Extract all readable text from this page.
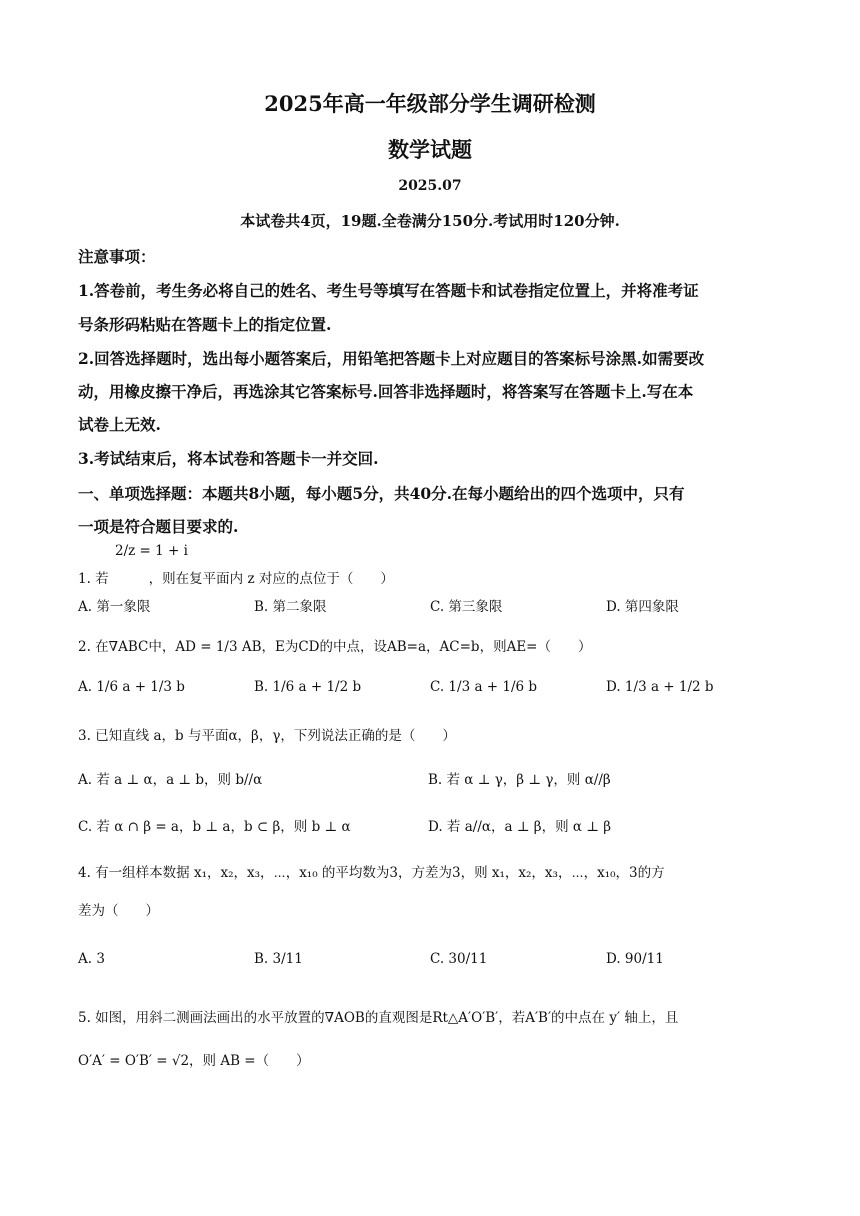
2025年高一年级部分学生调研检测
数学试题
2025.07
本试卷共4页，19题.全卷满分150分.考试用时120分钟.
注意事项：
1.答卷前，考生务必将自己的姓名、考生号等填写在答题卡和试卷指定位置上，并将准考证
号条形码粘贴在答题卡上的指定位置.
2.回答选择题时，选出每小题答案后，用铅笔把答题卡上对应题目的答案标号涂黑.如需要改
动，用橡皮擦干净后，再选涂其它答案标号.回答非选择题时，将答案写在答题卡上.写在本
试卷上无效.
3.考试结束后，将本试卷和答题卡一并交回.
一、单项选择题：本题共8小题，每小题5分，共40分.在每小题给出的四个选项中，只有
一项是符合题目要求的.
2/z = 1 + i
1. 若	，则在复平面内 z 对应的点位于（　　）
A. 第一象限	B. 第二象限	C. 第三象限	D. 第四象限
2. 在∇ABC中，AD = 1/3 AB，E为CD的中点，设AB=a，AC=b，则AE=（　　）
A. 1/6 a + 1/3 b	B. 1/6 a + 1/2 b	C. 1/3 a + 1/6 b	D. 1/3 a + 1/2 b
3. 已知直线 a，b 与平面α，β，γ，下列说法正确的是（　　）
A. 若 a ⊥ α，a ⊥ b，则 b//α	B. 若 α ⊥ γ，β ⊥ γ，则 α//β
C. 若 α ∩ β = a，b ⊥ a，b ⊂ β，则 b ⊥ α	D. 若 a//α，a ⊥ β，则 α ⊥ β
4. 有一组样本数据 x₁，x₂，x₃，⋯，x₁₀ 的平均数为3，方差为3，则 x₁，x₂，x₃，⋯，x₁₀，3的方
差为（　　）
A. 3	B. 3/11	C. 30/11	D. 90/11
5. 如图，用斜二测画法画出的水平放置的∇AOB的直观图是Rt△A′O′B′，若A′B′的中点在 y′ 轴上，且
O′A′ = O′B′ = √2，则 AB =（　　）
